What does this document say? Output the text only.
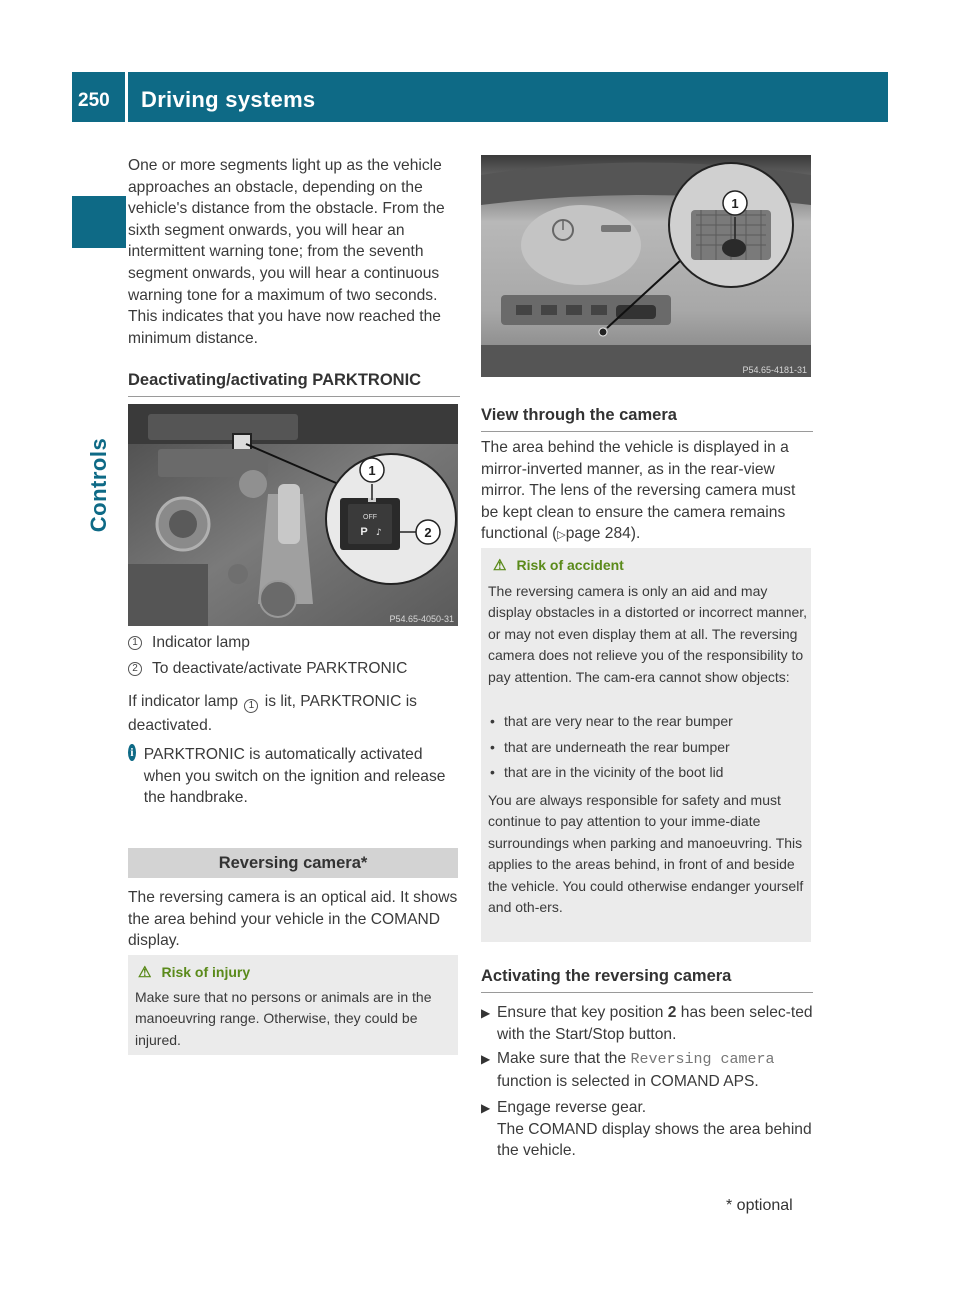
250 Driving systems
Controls
One or more segments light up as the vehicle approaches an obstacle, depending on the vehicle's distance from the obstacle. From the sixth segment onwards, you will hear an intermittent warning tone; from the seventh segment onwards, you will hear a continuous warning tone for a maximum of two seconds. This indicates that you have now reached the minimum distance.
Deactivating/activating PARKTRONIC
OFF
P ♪
1
2
P54.65-4050-31
1 Indicator lamp
2 To deactivate/activate PARKTRONIC
If indicator lamp 1 is lit, PARKTRONIC is
deactivated.
i PARKTRONIC is automatically activated when you switch on the ignition and release the handbrake.
Reversing camera*
The reversing camera is an optical aid. It shows the area behind your vehicle in the COMAND display.
⚠ Risk of injury
Make sure that no persons or animals are in the manoeuvring range. Otherwise, they could be injured.
1
P54.65-4181-31
View through the camera
The area behind the vehicle is displayed in a mirror-inverted manner, as in the rear-view mirror. The lens of the reversing camera must be kept clean to ensure the camera remains functional (▷page 284).
⚠ Risk of accident
The reversing camera is only an aid and may display obstacles in a distorted or incorrect manner, or may not even display them at all. The reversing camera does not relieve you of the responsibility to pay attention. The cam-era cannot show objects:
• that are very near to the rear bumper
• that are underneath the rear bumper
• that are in the vicinity of the boot lid
You are always responsible for safety and must continue to pay attention to your imme-diate surroundings when parking and manoeuvring. This applies to the areas behind, in front of and beside the vehicle. You could otherwise endanger yourself and oth-ers.
Activating the reversing camera
▶ Ensure that key position 2 has been selec-ted with the Start/Stop button.
▶ Make sure that the Reversing camera function is selected in COMAND APS.
▶ Engage reverse gear.
The COMAND display shows the area behind the vehicle.
* optional
